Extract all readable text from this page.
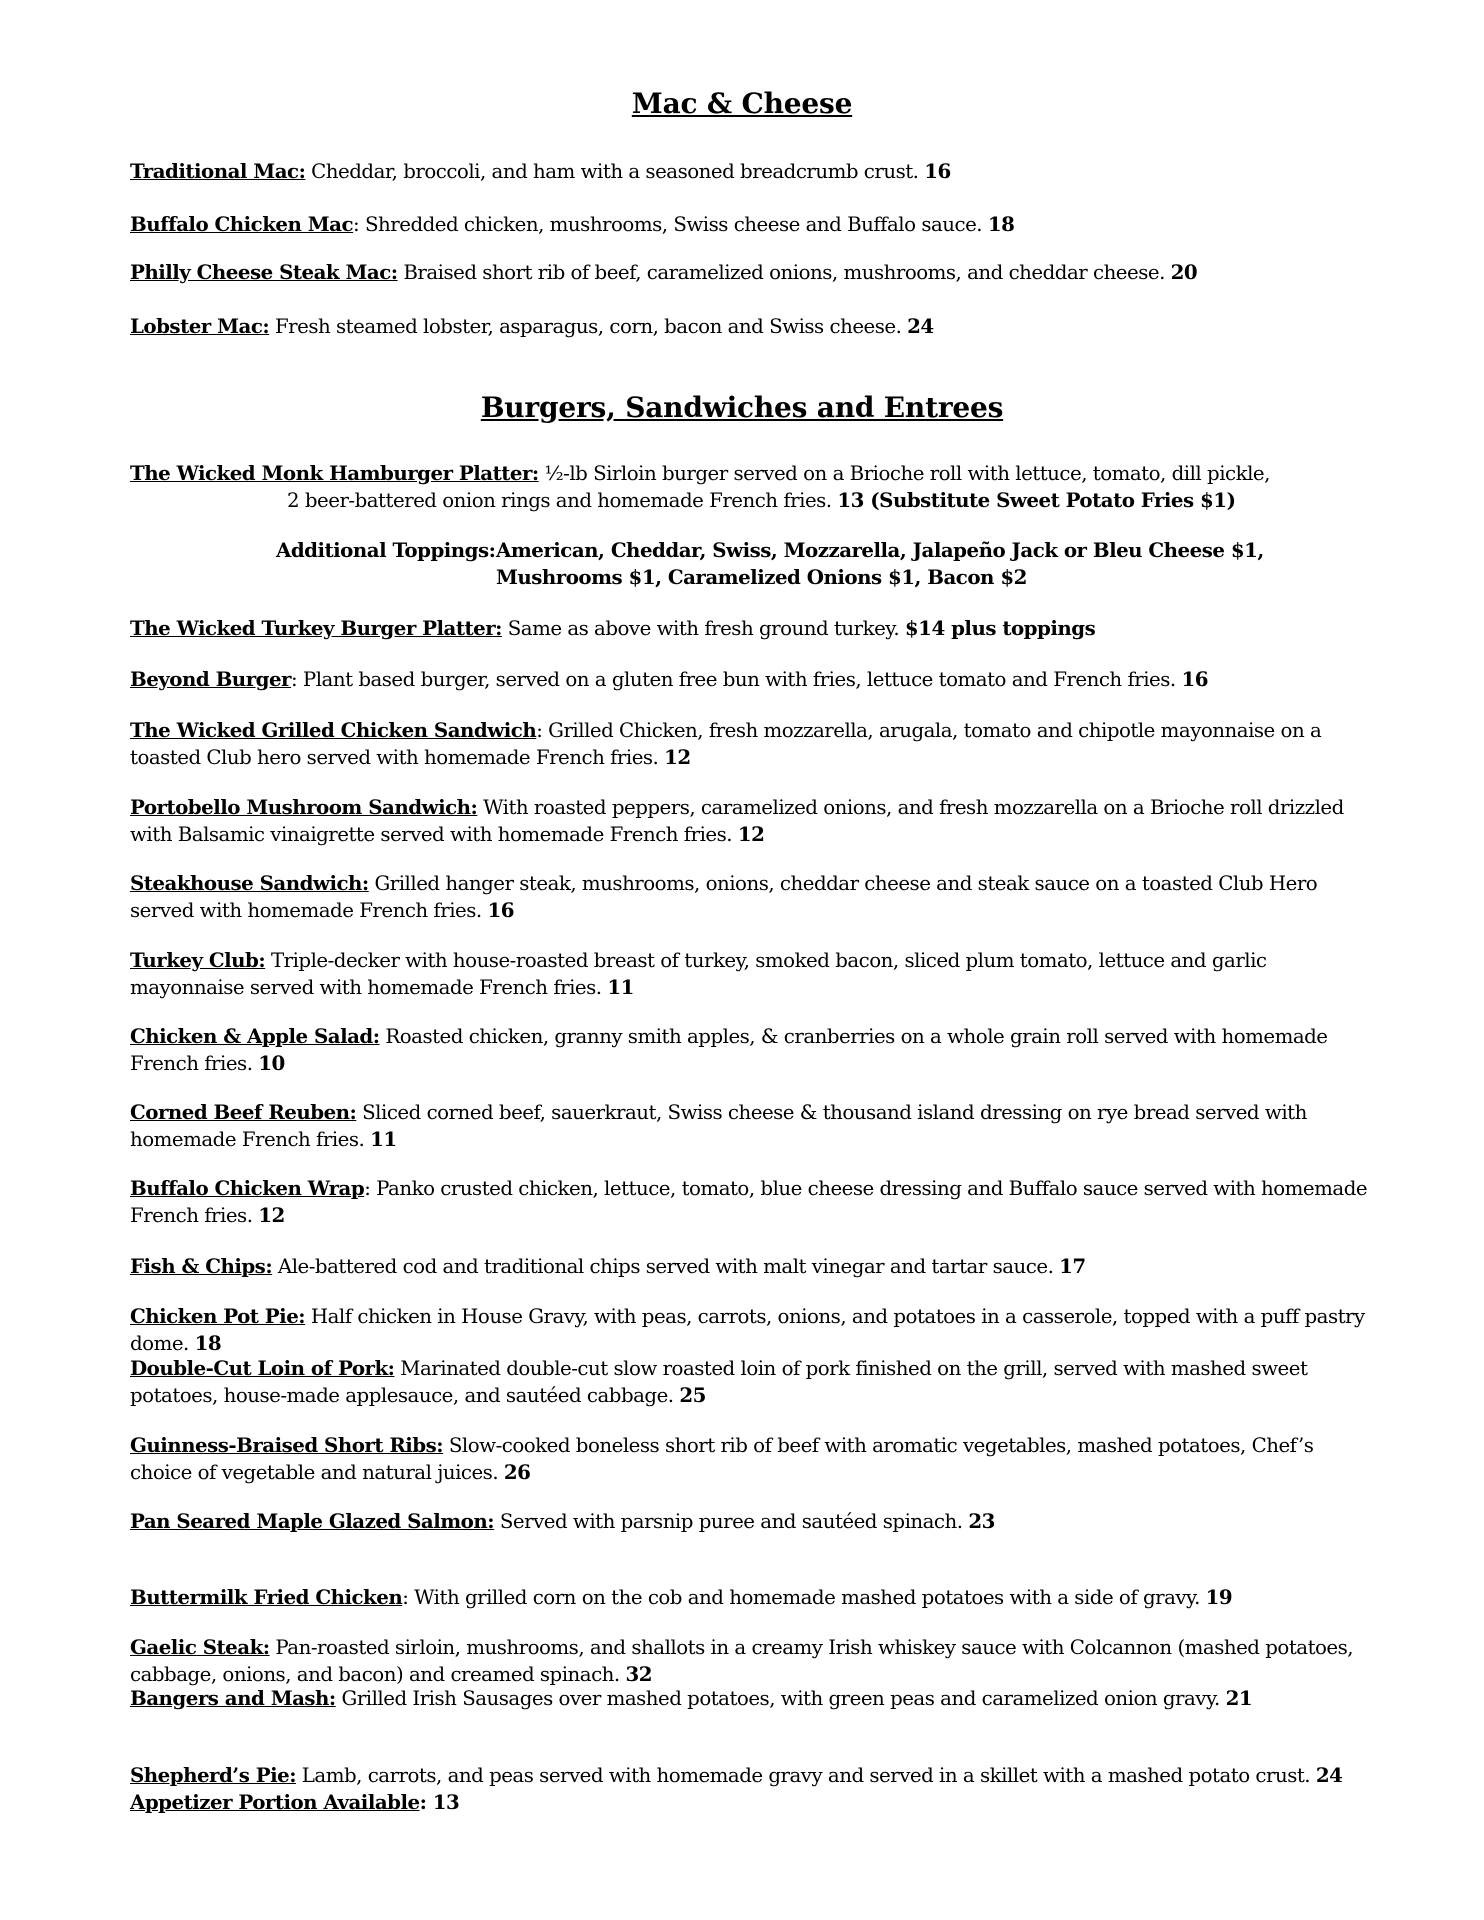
Mac & Cheese

Traditional Mac: Cheddar, broccoli, and ham with a seasoned breadcrumb crust. 16

Buffalo Chicken Mac: Shredded chicken, mushrooms, Swiss cheese and Buffalo sauce. 18

Philly Cheese Steak Mac: Braised short rib of beef, caramelized onions, mushrooms, and cheddar cheese. 20

Lobster Mac: Fresh steamed lobster, asparagus, corn, bacon and Swiss cheese. 24

Burgers, Sandwiches and Entrees
The Wicked Monk Hamburger Platter: ½-lb Sirloin burger served on a Brioche roll with lettuce, tomato, dill pickle,
2 beer-battered onion rings and homemade French fries. 13 (Substitute Sweet Potato Fries $1)
Additional Toppings:American, Cheddar, Swiss, Mozzarella, Jalapeño Jack or Bleu Cheese $1,
Mushrooms $1, Caramelized Onions $1, Bacon $2

The Wicked Turkey Burger Platter: Same as above with fresh ground turkey. $14 plus toppings

Beyond Burger: Plant based burger, served on a gluten free bun with fries, lettuce tomato and French fries. 16

The Wicked Grilled Chicken Sandwich: Grilled Chicken, fresh mozzarella, arugala, tomato and chipotle mayonnaise on a toasted Club hero served with homemade French fries. 12

Portobello Mushroom Sandwich: With roasted peppers, caramelized onions, and fresh mozzarella on a Brioche roll drizzled with Balsamic vinaigrette served with homemade French fries. 12

Steakhouse Sandwich: Grilled hanger steak, mushrooms, onions, cheddar cheese and steak sauce on a toasted Club Hero served with homemade French fries. 16

Turkey Club: Triple-decker with house-roasted breast of turkey, smoked bacon, sliced plum tomato, lettuce and garlic mayonnaise served with homemade French fries. 11

Chicken & Apple Salad: Roasted chicken, granny smith apples, & cranberries on a whole grain roll served with homemade French fries. 10

Corned Beef Reuben: Sliced corned beef, sauerkraut, Swiss cheese & thousand island dressing on rye bread served with homemade French fries. 11

Buffalo Chicken Wrap: Panko crusted chicken, lettuce, tomato, blue cheese dressing and Buffalo sauce served with homemade French fries. 12

Fish & Chips: Ale-battered cod and traditional chips served with malt vinegar and tartar sauce. 17

Chicken Pot Pie: Half chicken in House Gravy, with peas, carrots, onions, and potatoes in a casserole, topped with a puff pastry dome. 18

Double-Cut Loin of Pork: Marinated double-cut slow roasted loin of pork finished on the grill, served with mashed sweet potatoes, house-made applesauce, and sautéed cabbage. 25

Guinness-Braised Short Ribs: Slow-cooked boneless short rib of beef with aromatic vegetables, mashed potatoes, Chef’s choice of vegetable and natural juices. 26

Pan Seared Maple Glazed Salmon: Served with parsnip puree and sautéed spinach. 23

Buttermilk Fried Chicken: With grilled corn on the cob and homemade mashed potatoes with a side of gravy. 19

Gaelic Steak: Pan-roasted sirloin, mushrooms, and shallots in a creamy Irish whiskey sauce with Colcannon (mashed potatoes, cabbage, onions, and bacon) and creamed spinach. 32

Bangers and Mash: Grilled Irish Sausages over mashed potatoes, with green peas and caramelized onion gravy. 21

Shepherd’s Pie: Lamb, carrots, and peas served with homemade gravy and served in a skillet with a mashed potato crust. 24
Appetizer Portion Available: 13
